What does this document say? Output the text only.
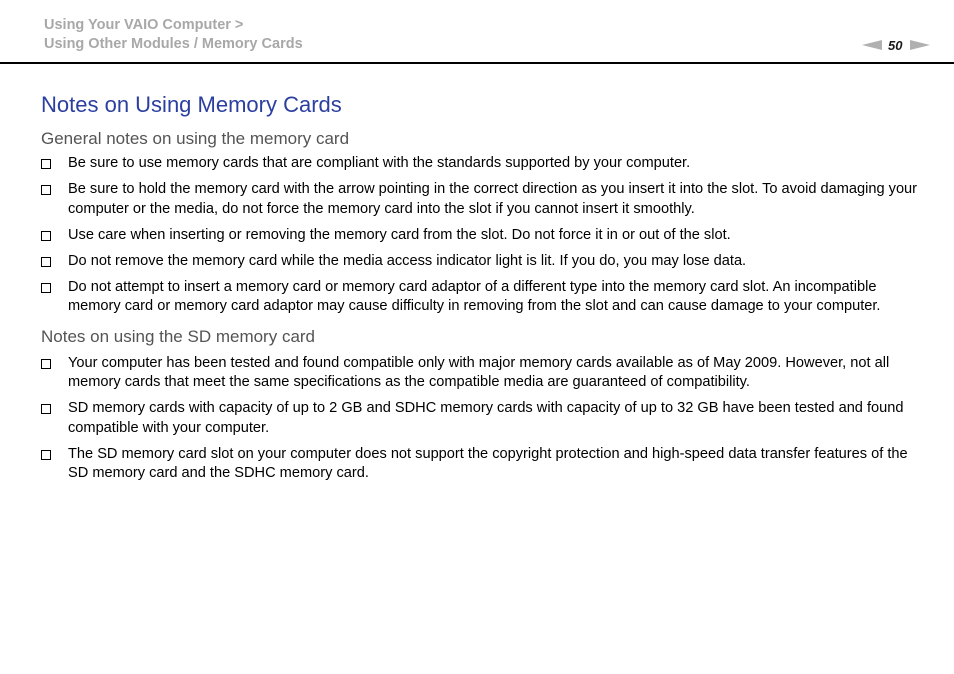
Using Your VAIO Computer >
Using Other Modules / Memory Cards	50
Notes on Using Memory Cards
General notes on using the memory card
Be sure to use memory cards that are compliant with the standards supported by your computer.
Be sure to hold the memory card with the arrow pointing in the correct direction as you insert it into the slot. To avoid damaging your computer or the media, do not force the memory card into the slot if you cannot insert it smoothly.
Use care when inserting or removing the memory card from the slot. Do not force it in or out of the slot.
Do not remove the memory card while the media access indicator light is lit. If you do, you may lose data.
Do not attempt to insert a memory card or memory card adaptor of a different type into the memory card slot. An incompatible memory card or memory card adaptor may cause difficulty in removing from the slot and can cause damage to your computer.
Notes on using the SD memory card
Your computer has been tested and found compatible only with major memory cards available as of May 2009. However, not all memory cards that meet the same specifications as the compatible media are guaranteed of compatibility.
SD memory cards with capacity of up to 2 GB and SDHC memory cards with capacity of up to 32 GB have been tested and found compatible with your computer.
The SD memory card slot on your computer does not support the copyright protection and high-speed data transfer features of the SD memory card and the SDHC memory card.
